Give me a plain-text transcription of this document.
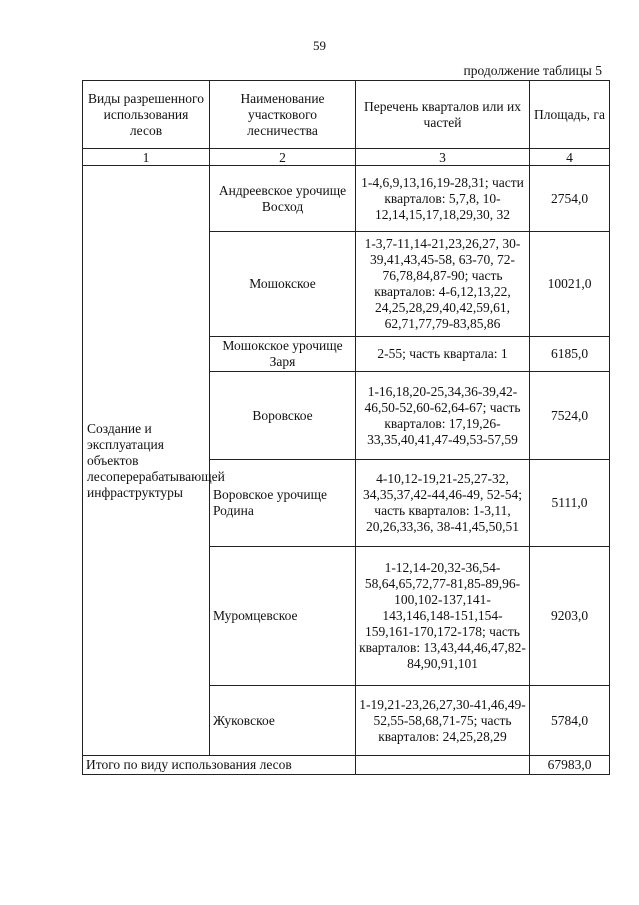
59
продолжение таблицы 5
Виды разрешенного использования лесов	Наименование участкового лесничества	Перечень кварталов или их частей	Площадь, га
1	2	3	4
Создание и эксплуатация объектов лесоперерабатывающей инфраструктуры	Андреевское урочище Восход	1-4,6,9,13,16,19-28,31; части кварталов: 5,7,8, 10-12,14,15,17,18,29,30, 32	2754,0
	Мошокское	1-3,7-11,14-21,23,26,27, 30-39,41,43,45-58, 63-70, 72-76,78,84,87-90; часть кварталов: 4-6,12,13,22, 24,25,28,29,40,42,59,61, 62,71,77,79-83,85,86	10021,0
	Мошокское урочище Заря	2-55; часть квартала: 1	6185,0
	Воровское	1-16,18,20-25,34,36-39,42-46,50-52,60-62,64-67; часть кварталов: 17,19,26-33,35,40,41,47-49,53-57,59	7524,0
	Воровское урочище Родина	4-10,12-19,21-25,27-32, 34,35,37,42-44,46-49, 52-54; часть кварталов: 1-3,11, 20,26,33,36, 38-41,45,50,51	5111,0
	Муромцевское	1-12,14-20,32-36,54-58,64,65,72,77-81,85-89,96-100,102-137,141-143,146,148-151,154-159,161-170,172-178; часть кварталов: 13,43,44,46,47,82-84,90,91,101	9203,0
	Жуковское	1-19,21-23,26,27,30-41,46,49-52,55-58,68,71-75; часть кварталов: 24,25,28,29	5784,0
Итого по виду использования лесов			67983,0
